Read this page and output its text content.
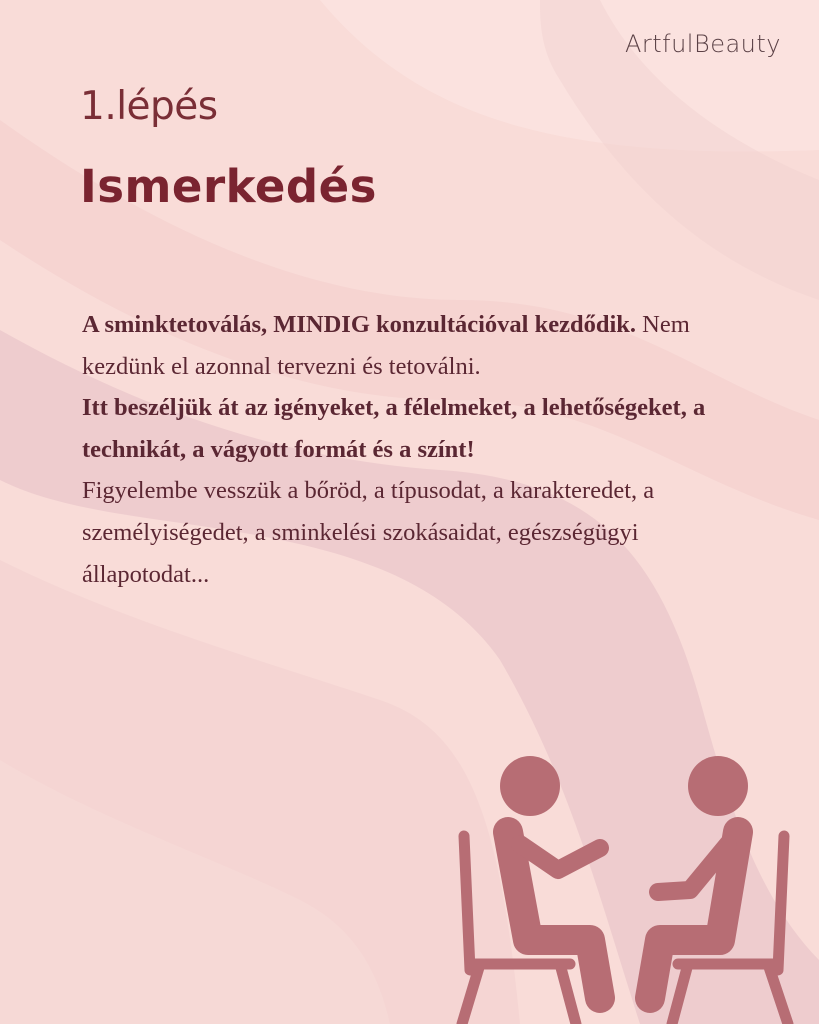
ArtfulBeauty
1.lépés
Ismerkedés
A sminktetoválás, MINDIG konzultációval kezdődik. Nem kezdünk el azonnal tervezni és tetoválni.
Itt beszéljük át az igényeket, a félelmeket, a lehetőségeket, a technikát, a vágyott formát és a színt!
Figyelembe vesszük a bőröd, a típusodat, a karakteredet, a személyiségedet, a sminkelési szokásaidat, egészségügyi állapotodat...
